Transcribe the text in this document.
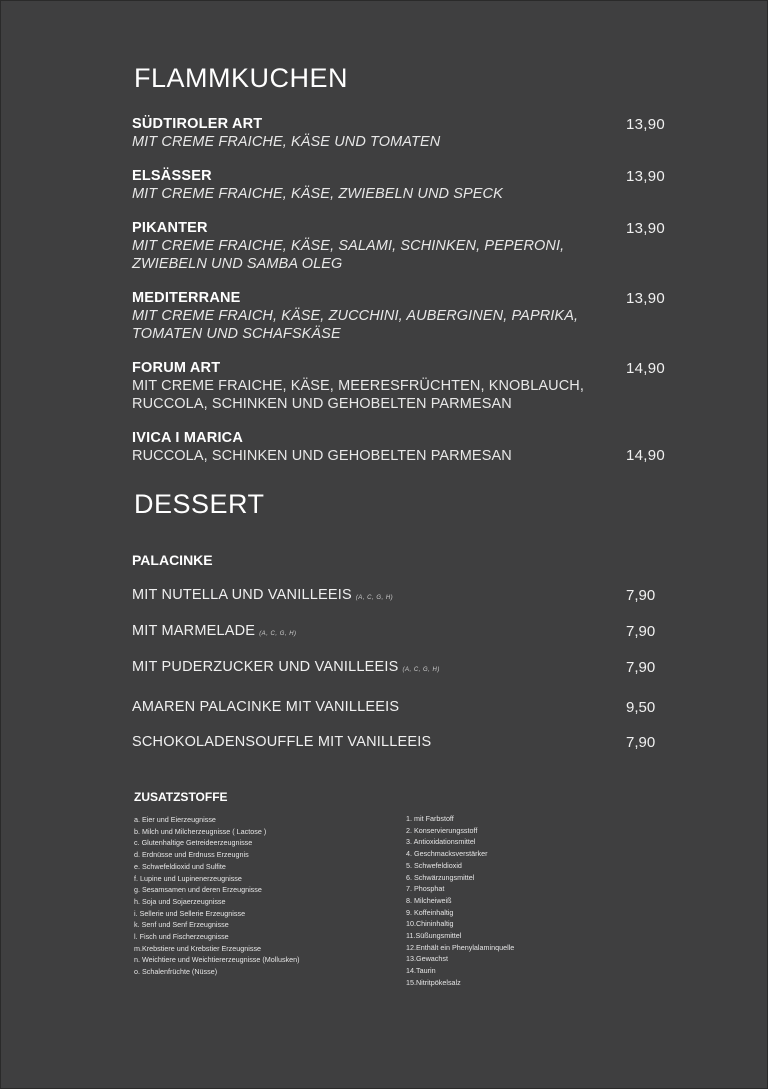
FLAMMKUCHEN
SÜDTIROLER ART
MIT CREME FRAICHE, KÄSE UND TOMATEN
13,90
ELSÄSSER
MIT CREME FRAICHE, KÄSE, ZWIEBELN UND SPECK
13,90
PIKANTER
MIT CREME FRAICHE, KÄSE, SALAMI, SCHINKEN, PEPERONI,
ZWIEBELN UND SAMBA OLEG
13,90
MEDITERRANE
MIT CREME FRAICH, KÄSE, ZUCCHINI, AUBERGINEN, PAPRIKA,
TOMATEN UND SCHAFSKÄSE
13,90
FORUM ART
MIT CREME FRAICHE, KÄSE, MEERESFRÜCHTEN, KNOBLAUCH,
RUCCOLA, SCHINKEN UND GEHOBELTEN PARMESAN
14,90
IVICA I MARICA
RUCCOLA, SCHINKEN UND GEHOBELTEN PARMESAN	14,90
DESSERT
PALACINKE
MIT NUTELLA UND VANILLEEIS (A, C, G, H)	7,90
MIT MARMELADE (A, C, G, H)	7,90
MIT PUDERZUCKER UND VANILLEEIS (A, C, G, H)	7,90
AMAREN PALACINKE MIT VANILLEEIS	9,50
SCHOKOLADENSOUFFLE MIT VANILLEEIS	7,90
ZUSATZSTOFFE
a. Eier und Eierzeugnisse
b. Milch und Milcherzeugnisse ( Lactose )
c. Glutenhaltige Getreideerzeugnisse
d. Erdnüsse und Erdnuss Erzeugnis
e. Schwefeldioxid und Sulfite
f. Lupine und Lupinenerzeugnisse
g. Sesamsamen und deren Erzeugnisse
h. Soja und Sojaerzeugnisse
i. Sellerie und Sellerie Erzeugnisse
k. Senf und Senf Erzeugnisse
l. Fisch und Fischerzeugnisse
m.Krebstiere und Krebstier Erzeugnisse
n. Weichtiere und Weichtiererzeugnisse (Mollusken)
o. Schalenfrüchte (Nüsse)
1. mit Farbstoff
2. Konservierungsstoff
3. Antioxidationsmittel
4. Geschmacksverstärker
5. Schwefeldioxid
6. Schwärzungsmittel
7. Phosphat
8. Milcheiweiß
9. Koffeinhaltig
10.Chininhaltig
11.Süßungsmittel
12.Enthält ein Phenylalaminquelle
13.Gewachst
14.Taurin
15.Nitritpökelsalz
